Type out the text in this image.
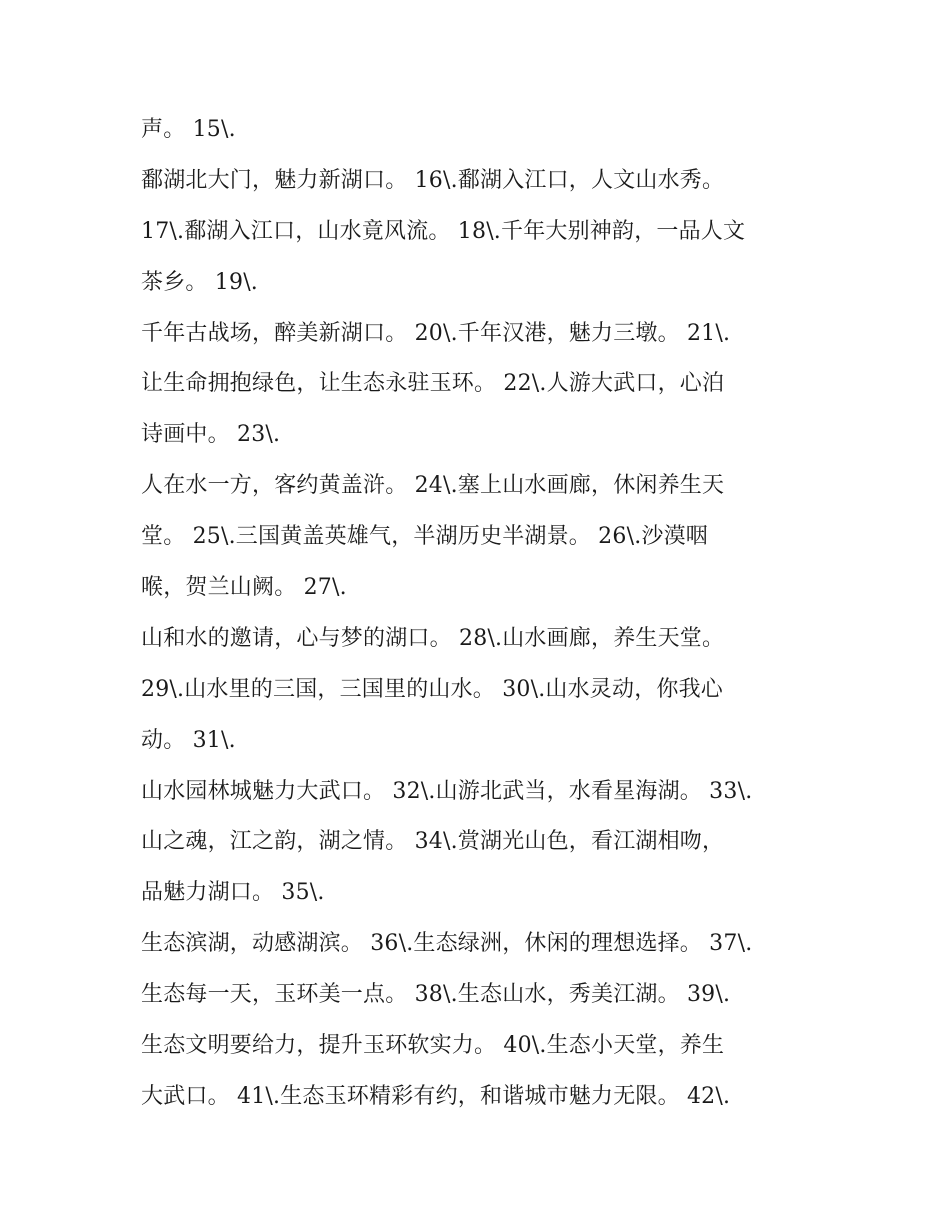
声。 15\.
鄱湖北大门，魅力新湖口。 16\.鄱湖入江口，人文山水秀。
17\.鄱湖入江口，山水竟风流。 18\.千年大别神韵，一品人文
茶乡。 19\.
千年古战场，醉美新湖口。 20\.千年汉港，魅力三墩。 21\.
让生命拥抱绿色，让生态永驻玉环。 22\.人游大武口，心泊
诗画中。 23\.
人在水一方，客约黄盖浒。 24\.塞上山水画廊，休闲养生天
堂。 25\.三国黄盖英雄气，半湖历史半湖景。 26\.沙漠咽
喉，贺兰山阙。 27\.
山和水的邀请，心与梦的湖口。 28\.山水画廊，养生天堂。
29\.山水里的三国，三国里的山水。 30\.山水灵动，你我心
动。 31\.
山水园林城魅力大武口。 32\.山游北武当，水看星海湖。 33\.
山之魂，江之韵，湖之情。 34\.赏湖光山色，看江湖相吻，
品魅力湖口。 35\.
生态滨湖，动感湖滨。 36\.生态绿洲，休闲的理想选择。 37\.
生态每一天，玉环美一点。 38\.生态山水，秀美江湖。 39\.
生态文明要给力，提升玉环软实力。 40\.生态小天堂，养生
大武口。 41\.生态玉环精彩有约，和谐城市魅力无限。 42\.
